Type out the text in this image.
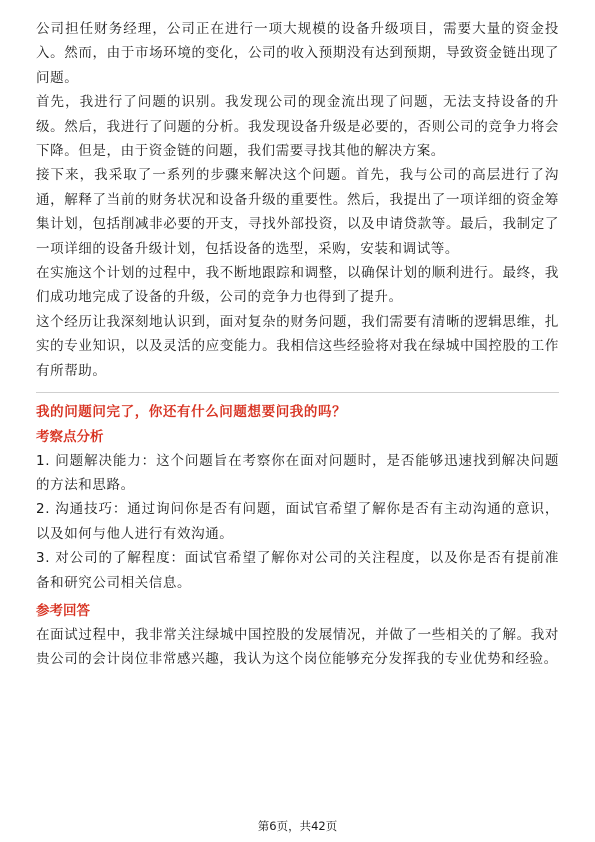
公司担任财务经理，公司正在进行一项大规模的设备升级项目，需要大量的资金投入。然而，由于市场环境的变化，公司的收入预期没有达到预期，导致资金链出现了问题。

首先，我进行了问题的识别。我发现公司的现金流出现了问题，无法支持设备的升级。然后，我进行了问题的分析。我发现设备升级是必要的，否则公司的竞争力将会下降。但是，由于资金链的问题，我们需要寻找其他的解决方案。

接下来，我采取了一系列的步骤来解决这个问题。首先，我与公司的高层进行了沟通，解释了当前的财务状况和设备升级的重要性。然后，我提出了一项详细的资金筹集计划，包括削减非必要的开支，寻找外部投资，以及申请贷款等。最后，我制定了一项详细的设备升级计划，包括设备的选型，采购，安装和调试等。

在实施这个计划的过程中，我不断地跟踪和调整，以确保计划的顺利进行。最终，我们成功地完成了设备的升级，公司的竞争力也得到了提升。

这个经历让我深刻地认识到，面对复杂的财务问题，我们需要有清晰的逻辑思维，扎实的专业知识，以及灵活的应变能力。我相信这些经验将对我在绿城中国控股的工作有所帮助。

我的问题问完了，你还有什么问题想要问我的吗？

考察点分析

1. 问题解决能力：这个问题旨在考察你在面对问题时，是否能够迅速找到解决问题的方法和思路。

2. 沟通技巧：通过询问你是否有问题，面试官希望了解你是否有主动沟通的意识，以及如何与他人进行有效沟通。

3. 对公司的了解程度：面试官希望了解你对公司的关注程度，以及你是否有提前准备和研究公司相关信息。

参考回答

在面试过程中，我非常关注绿城中国控股的发展情况，并做了一些相关的了解。我对贵公司的会计岗位非常感兴趣，我认为这个岗位能够充分发挥我的专业优势和经验。

第6页，共42页
